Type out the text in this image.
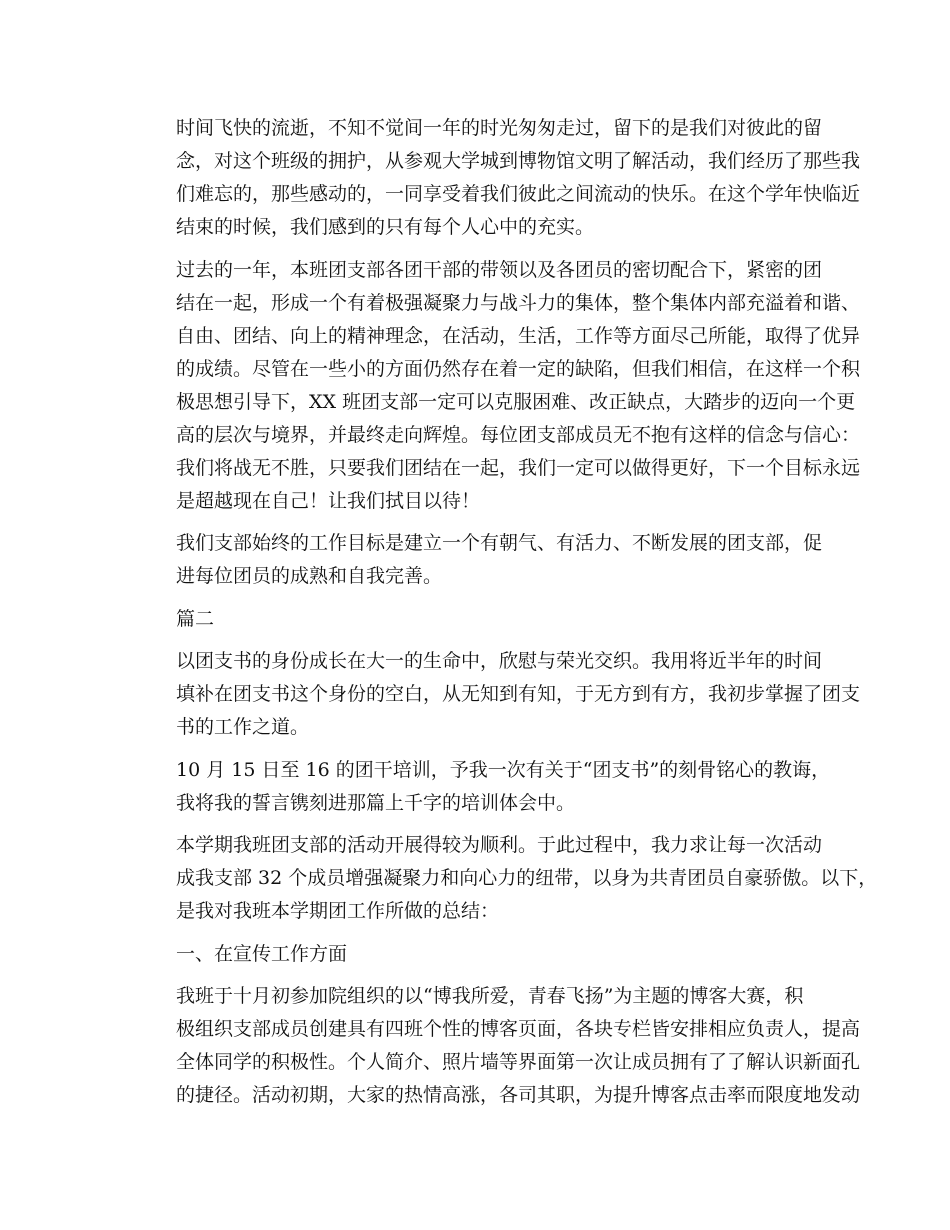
时间飞快的流逝，不知不觉间一年的时光匆匆走过，留下的是我们对彼此的留
念，对这个班级的拥护，从参观大学城到博物馆文明了解活动，我们经历了那些我
们难忘的，那些感动的，一同享受着我们彼此之间流动的快乐。在这个学年快临近
结束的时候，我们感到的只有每个人心中的充实。

过去的一年，本班团支部各团干部的带领以及各团员的密切配合下，紧密的团
结在一起，形成一个有着极强凝聚力与战斗力的集体，整个集体内部充溢着和谐、
自由、团结、向上的精神理念，在活动，生活，工作等方面尽己所能，取得了优异
的成绩。尽管在一些小的方面仍然存在着一定的缺陷，但我们相信，在这样一个积
极思想引导下，XX 班团支部一定可以克服困难、改正缺点，大踏步的迈向一个更
高的层次与境界，并最终走向辉煌。每位团支部成员无不抱有这样的信念与信心：
我们将战无不胜，只要我们团结在一起，我们一定可以做得更好，下一个目标永远
是超越现在自己！让我们拭目以待！

我们支部始终的工作目标是建立一个有朝气、有活力、不断发展的团支部，促
进每位团员的成熟和自我完善。

篇二

以团支书的身份成长在大一的生命中，欣慰与荣光交织。我用将近半年的时间
填补在团支书这个身份的空白，从无知到有知，于无方到有方，我初步掌握了团支
书的工作之道。

10 月 15 日至 16 的团干培训，予我一次有关于“团支书”的刻骨铭心的教诲，
我将我的誓言镌刻进那篇上千字的培训体会中。

本学期我班团支部的活动开展得较为顺利。于此过程中，我力求让每一次活动
成我支部 32 个成员增强凝聚力和向心力的纽带，以身为共青团员自豪骄傲。以下，
是我对我班本学期团工作所做的总结：

一、在宣传工作方面

我班于十月初参加院组织的以“博我所爱，青春飞扬”为主题的博客大赛，积
极组织支部成员创建具有四班个性的博客页面，各块专栏皆安排相应负责人，提高
全体同学的积极性。个人简介、照片墙等界面第一次让成员拥有了了解认识新面孔
的捷径。活动初期，大家的热情高涨，各司其职，为提升博客点击率而限度地发动
